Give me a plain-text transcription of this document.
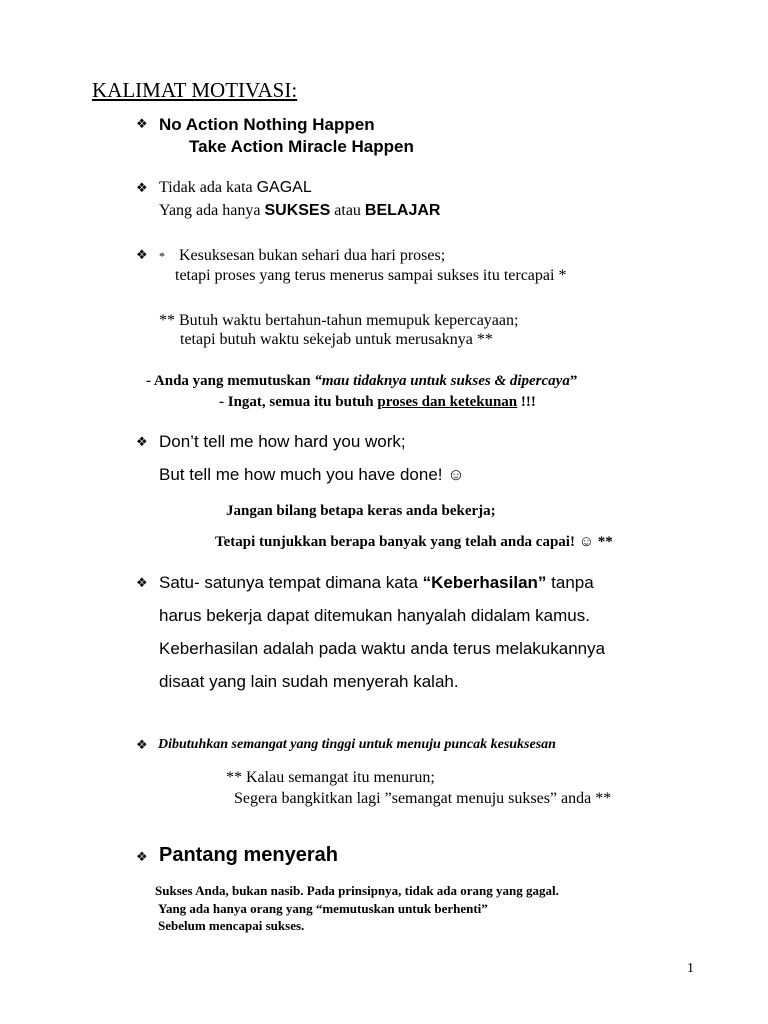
KALIMAT MOTIVASI:
❖ No Action Nothing Happen
Take Action Miracle Happen
❖ Tidak ada kata GAGAL
Yang ada hanya SUKSES atau BELAJAR
❖ * Kesuksesan bukan sehari dua hari proses;
tetapi proses yang terus menerus sampai sukses itu tercapai *
** Butuh waktu bertahun-tahun memupuk kepercayaan;
tetapi butuh waktu sekejab untuk merusaknya **
- Anda yang memutuskan “mau tidaknya untuk sukses & dipercaya”
- Ingat, semua itu butuh proses dan ketekunan !!!
❖ Don’t tell me how hard you work;
But tell me how much you have done! ☺
Jangan bilang betapa keras anda bekerja;
Tetapi tunjukkan berapa banyak yang telah anda capai! ☺ **
❖ Satu- satunya tempat dimana kata “Keberhasilan” tanpa
harus bekerja dapat ditemukan hanyalah didalam kamus.
Keberhasilan adalah pada waktu anda terus melakukannya
disaat yang lain sudah menyerah kalah.
❖ Dibutuhkan semangat yang tinggi untuk menuju puncak kesuksesan
** Kalau semangat itu menurun;
Segera bangkitkan lagi ”semangat menuju sukses” anda **
❖ Pantang menyerah
Sukses Anda, bukan nasib. Pada prinsipnya, tidak ada orang yang gagal.
Yang ada hanya orang yang “memutuskan untuk berhenti”
Sebelum mencapai sukses.
1
